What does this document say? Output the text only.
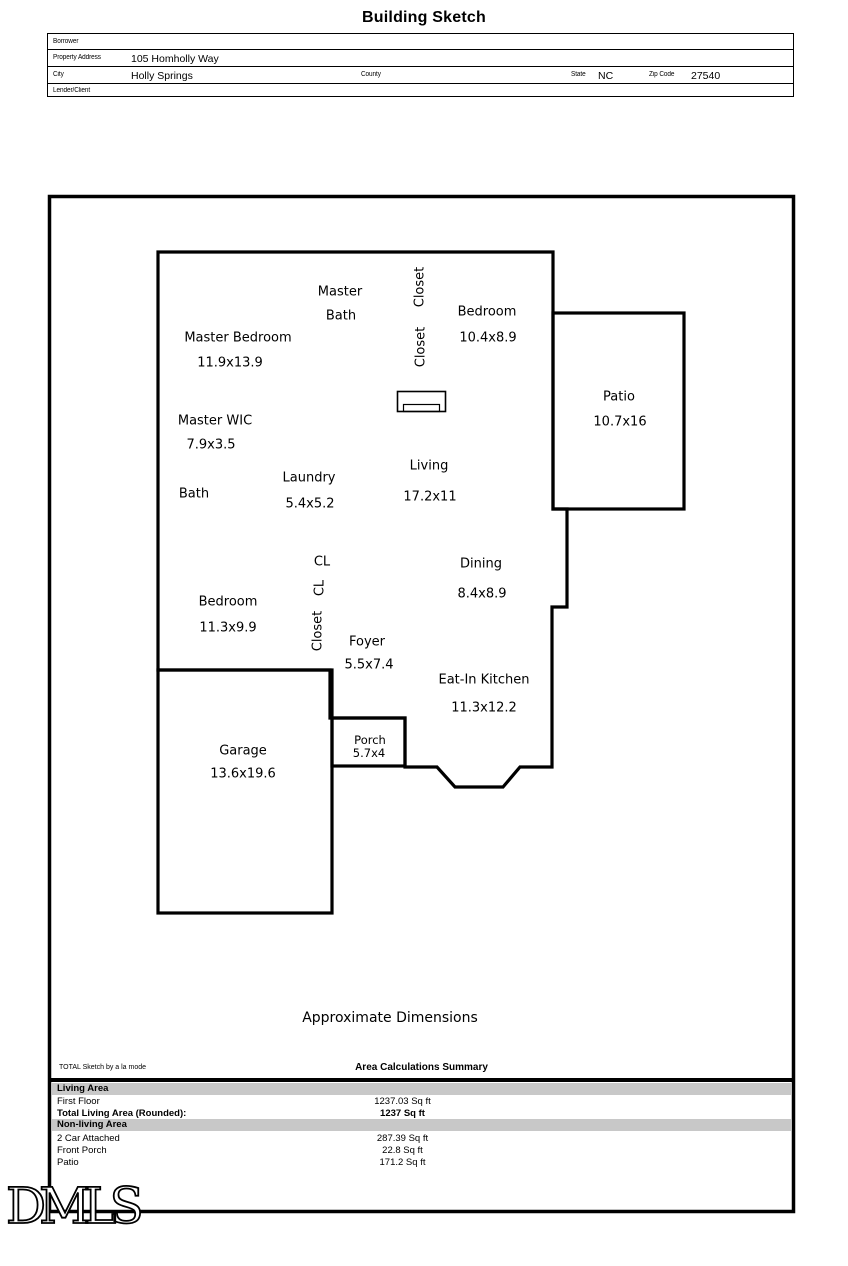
Building Sketch
Borrower
Property Address	105 Homholly Way
City	Holly Springs	County	State NC	Zip Code 27540
Lender/Client
Master
Bath
Closet
Closet
Bedroom
10.4x8.9
Master Bedroom
11.9x13.9
Patio
10.7x16
Master WIC
7.9x3.5
Laundry
5.4x5.2
Living
17.2x11
Bath
CL
CL
Dining
8.4x8.9
Bedroom
11.3x9.9	Closet Foyer
5.5x7.4
Eat-In Kitchen
11.3x12.2
Garage
13.6x19.6
Porch
5.7x4
Approximate Dimensions
TOTAL Sketch by a la mode	Area Calculations Summary
Living Area
First Floor	1237.03 Sq ft
Total Living Area (Rounded):	1237 Sq ft
Non-living Area
2 Car Attached	287.39 Sq ft
Front Porch	22.8 Sq ft
Patio	171.2 Sq ft
DMLS
